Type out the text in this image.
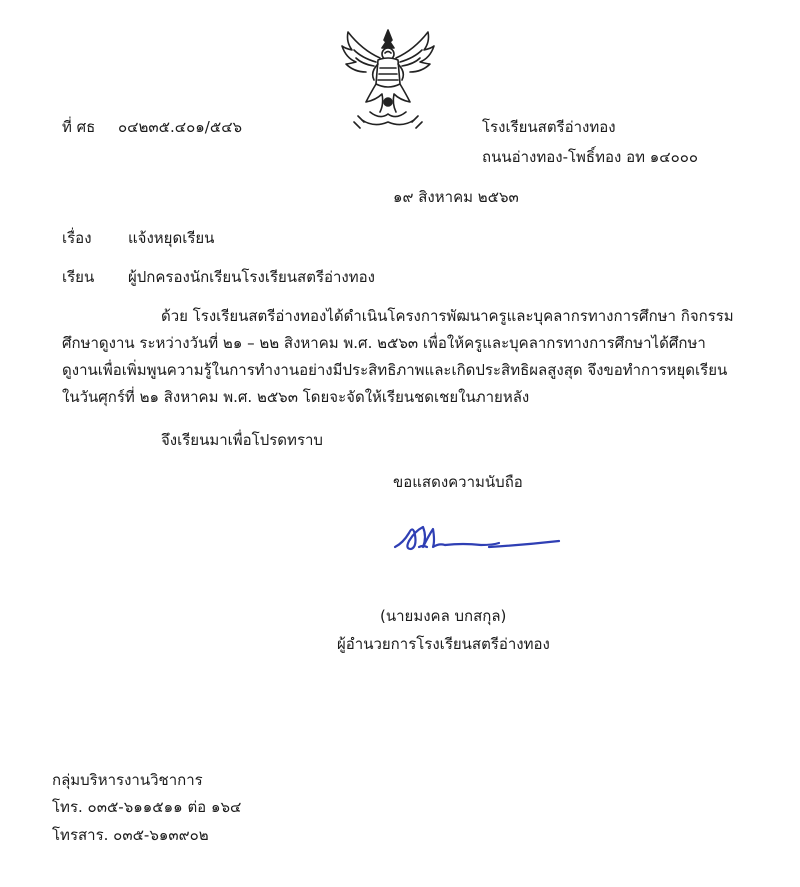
ที่ ศธ ๐๔๒๓๕.๔๐๑/๕๔๖	โรงเรียนสตรีอ่างทอง
ถนนอ่างทอง-โพธิ์ทอง อท ๑๔๐๐๐
๑๙ สิงหาคม ๒๕๖๓
เรื่อง แจ้งหยุดเรียน
เรียน ผู้ปกครองนักเรียนโรงเรียนสตรีอ่างทอง
ด้วย โรงเรียนสตรีอ่างทองได้ดำเนินโครงการพัฒนาครูและบุคลากรทางการศึกษา กิจกรรม
ศึกษาดูงาน ระหว่างวันที่ ๒๑ – ๒๒ สิงหาคม พ.ศ. ๒๕๖๓ เพื่อให้ครูและบุคลากรทางการศึกษาได้ศึกษา
ดูงานเพื่อเพิ่มพูนความรู้ในการทำงานอย่างมีประสิทธิภาพและเกิดประสิทธิผลสูงสุด จึงขอทำการหยุดเรียน
ในวันศุกร์ที่ ๒๑ สิงหาคม พ.ศ. ๒๕๖๓ โดยจะจัดให้เรียนชดเชยในภายหลัง
จึงเรียนมาเพื่อโปรดทราบ
ขอแสดงความนับถือ
(นายมงคล บกสกุล)
ผู้อำนวยการโรงเรียนสตรีอ่างทอง
กลุ่มบริหารงานวิชาการ
โทร. ๐๓๕-๖๑๑๕๑๑ ต่อ ๑๖๔
โทรสาร. ๐๓๕-๖๑๓๙๐๒
